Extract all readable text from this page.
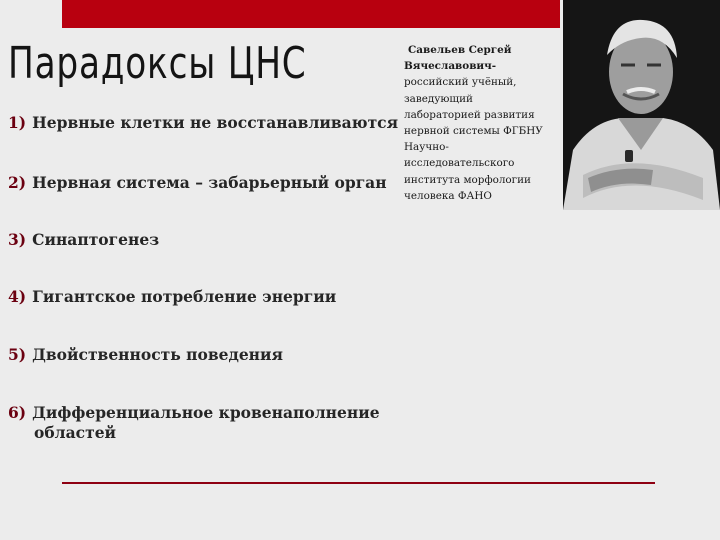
Парадоксы ЦНС	Савельев Сергей
Вячеславович-
российский учёный,
заведующий
лабораторией развития
нервной системы ФГБНУ
Научно-
исследовательского
института морфологии
человека ФАНО
1) Нервные клетки не восстанавливаются
2) Нервная система – забарьерный орган
3) Синаптогенез
4) Гигантское потребление энергии
5) Двойственность поведения
6) Дифференциальное кровенаполнение
областей
